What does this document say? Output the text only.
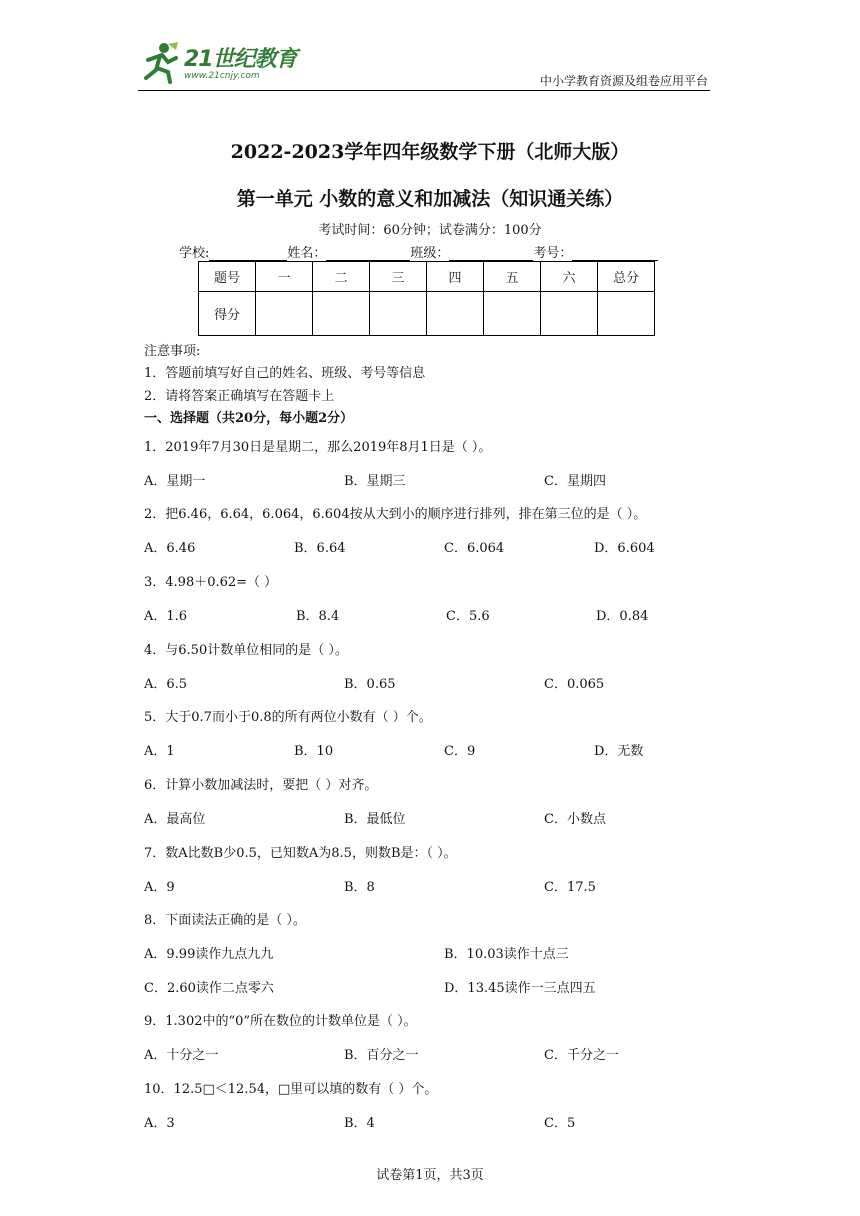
21世纪教育
www.21cnjy.com	中小学教育资源及组卷应用平台
2022-2023学年四年级数学下册（北师大版）
第一单元 小数的意义和加减法（知识通关练）
考试时间：60分钟；试卷满分：100分
学校:	姓名：	班级：	考号：
题号	一	二	三	四	五	六	总分
得分							
注意事项:
1．答题前填写好自己的姓名、班级、考号等信息
2．请将答案正确填写在答题卡上
一、选择题（共20分，每小题2分）
1．2019年7月30日是星期二，那么2019年8月1日是（ ）。
A．星期一	B．星期三	C．星期四
2．把6.46，6.64，6.064，6.604按从大到小的顺序进行排列，排在第三位的是（ ）。
A．6.46	B．6.64	C．6.064	D．6.604
3．4.98＋0.62=（ ）
A．1.6	B．8.4	C．5.6	D．0.84
4．与6.50计数单位相同的是（ ）。
A．6.5	B．0.65	C．0.065
5．大于0.7而小于0.8的所有两位小数有（ ）个。
A．1	B．10	C．9	D．无数
6．计算小数加减法时，要把（ ）对齐。
A．最高位	B．最低位	C．小数点
7．数A比数B少0.5，已知数A为8.5，则数B是：（ ）。
A．9	B．8	C．17.5
8．下面读法正确的是（ ）。
A．9.99读作九点九九	B．10.03读作十点三
C．2.60读作二点零六	D．13.45读作一三点四五
9．1.302中的“0”所在数位的计数单位是（ ）。
A．十分之一	B．百分之一	C．千分之一
10．12.5□＜12.54，□里可以填的数有（ ）个。
A．3	B．4	C．5
试卷第1页，共3页
